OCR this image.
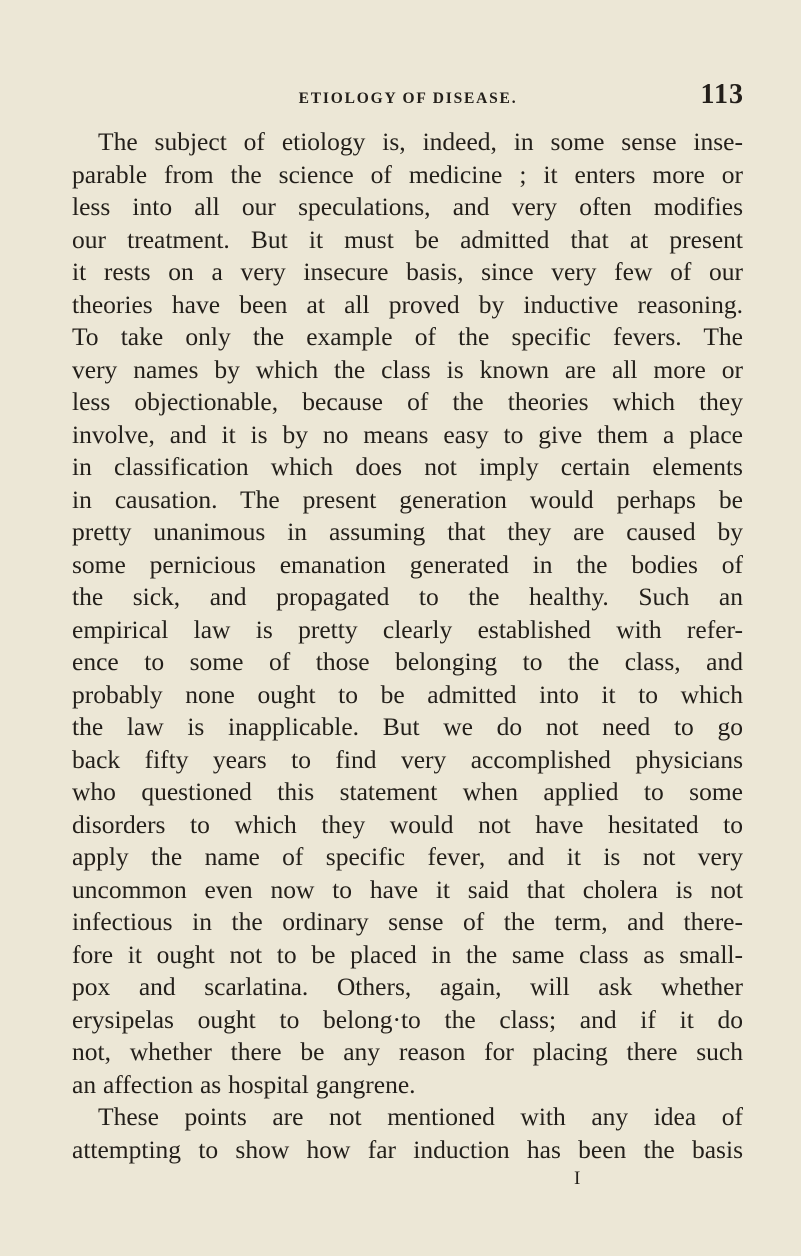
ETIOLOGY OF DISEASE.	113
The subject of etiology is, indeed, in some sense inse-
parable from the science of medicine ; it enters more or
less into all our speculations, and very often modifies
our treatment. But it must be admitted that at present
it rests on a very insecure basis, since very few of our
theories have been at all proved by inductive reasoning.
To take only the example of the specific fevers. The
very names by which the class is known are all more or
less objectionable, because of the theories which they
involve, and it is by no means easy to give them a place
in classification which does not imply certain elements
in causation. The present generation would perhaps be
pretty unanimous in assuming that they are caused by
some pernicious emanation generated in the bodies of
the sick, and propagated to the healthy. Such an
empirical law is pretty clearly established with refer-
ence to some of those belonging to the class, and
probably none ought to be admitted into it to which
the law is inapplicable. But we do not need to go
back fifty years to find very accomplished physicians
who questioned this statement when applied to some
disorders to which they would not have hesitated to
apply the name of specific fever, and it is not very
uncommon even now to have it said that cholera is not
infectious in the ordinary sense of the term, and there-
fore it ought not to be placed in the same class as small-
pox and scarlatina. Others, again, will ask whether
erysipelas ought to belong·to the class; and if it do
not, whether there be any reason for placing there such
an affection as hospital gangrene.
These points are not mentioned with any idea of
attempting to show how far induction has been the basis
I
